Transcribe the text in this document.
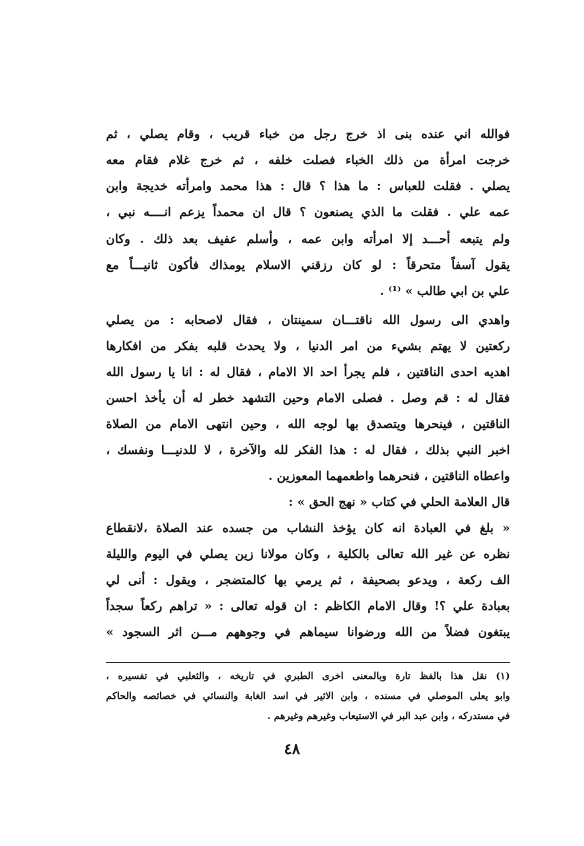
فوالله اني عنده بنى اذ خرج رجل من خباء قريب ، وقام يصلي ، ثم
خرجت امرأة من ذلك الخباء فصلت خلفه ، ثم خرج غلام فقام معه
يصلي . فقلت للعباس : ما هذا ؟ قال : هذا محمد وامرأته خديجة وابن
عمه علي . فقلت ما الذي يصنعون ؟ قال ان محمداً يزعم انــــه نبي ،
ولم يتبعه أحـــد إلا امرأته وابن عمه ، وأسلم عفيف بعد ذلك . وكان
يقول آسفاً متحرقاً : لو كان رزقني الاسلام يومذاك فأكون ثانيـــاً مع
علي بن ابي طالب » ⁽¹⁾ .
واهدي الى رسول الله ناقتـــان سمينتان ، فقال لاصحابه : من يصلي
ركعتين لا يهتم بشيء من امر الدنيا ، ولا يحدث قلبه بفكر من افكارها
اهديه احدى الناقتين ، فلم يجرأ احد الا الامام ، فقال له : انا يا رسول الله
فقال له : قم وصل . فصلى الامام وحين التشهد خطر له أن يأخذ احسن
الناقتين ، فينحرها ويتصدق بها لوجه الله ، وحين انتهى الامام من الصلاة
اخبر النبي بذلك ، فقال له : هذا الفكر لله والآخرة ، لا للدنيـــا ونفسك ،
واعطاه الناقتين ، فنحرهما واطعمهما المعوزين .
قال العلامة الحلي في كتاب « نهج الحق » :
« بلغ في العبادة انه كان يؤخذ النشاب من جسده عند الصلاة ،لانقطاع
نظره عن غير الله تعالى بالكلية ، وكان مولانا زين يصلي في اليوم والليلة
الف ركعة ، ويدعو بصحيفة ، ثم يرمي بها كالمتضجر ، ويقول : أنى لي
بعبادة علي ؟! وقال الامام الكاظم : ان قوله تعالى : « تراهم ركعاً سجداً
يبتغون فضلاً من الله ورضوانا سيماهم في وجوههم مـــن اثر السجود »
(١) نقل هذا بالفظ تارة وبالمعنى اخرى الطبري في تاريخه ، والثعلبي في تفسيره ،
وابو يعلى الموصلي في مسنده ، وابن الاثير في اسد الغابة والنسائي في خصائصه والحاكم
في مستدركه ، وابن عبد البر في الاستيعاب وغيرهم وغيرهم .
٤٨
